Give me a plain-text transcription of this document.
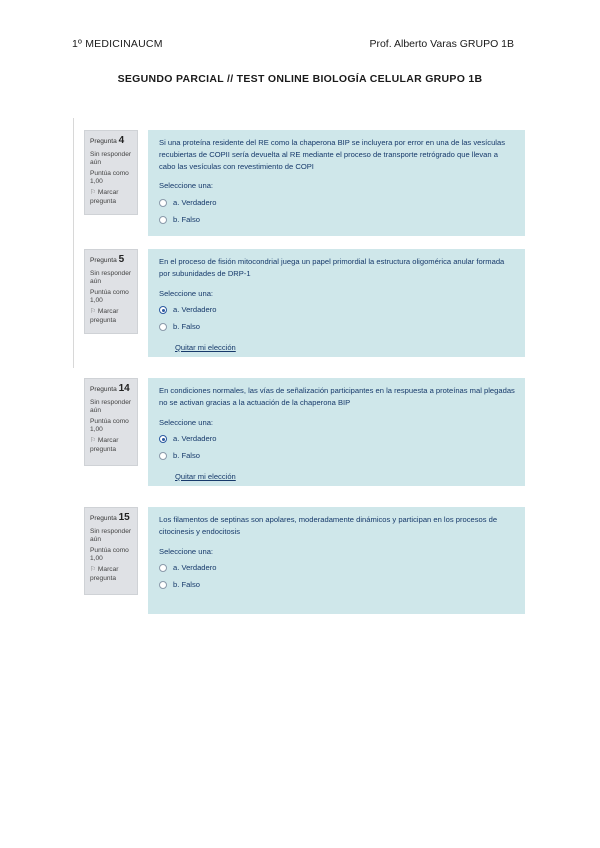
1º MEDICINAUCM	Prof. Alberto Varas GRUPO 1B
SEGUNDO PARCIAL // TEST ONLINE BIOLOGÍA CELULAR GRUPO 1B
Pregunta 4
Sin responder aún
Puntúa como 1,00
⚐ Marcar pregunta
Si una proteína residente del RE como la chaperona BIP se incluyera por error en una de las vesículas recubiertas de COPII sería devuelta al RE mediante el proceso de transporte retrógrado que llevan a cabo las vesículas con revestimiento de COPI
Seleccione una:
a. Verdadero
b. Falso
Pregunta 5
Sin responder aún
Puntúa como 1,00
⚐ Marcar pregunta
En el proceso de fisión mitocondrial juega un papel primordial la estructura oligomérica anular formada por subunidades de DRP-1
Seleccione una:
a. Verdadero
b. Falso
Quitar mi elección
Pregunta 14
Sin responder aún
Puntúa como 1,00
⚐ Marcar pregunta
En condiciones normales, las vías de señalización participantes en la respuesta a proteínas mal plegadas no se activan gracias a la actuación de la chaperona BIP
Seleccione una:
a. Verdadero
b. Falso
Quitar mi elección
Pregunta 15
Sin responder aún
Puntúa como 1,00
⚐ Marcar pregunta
Los filamentos de septinas son apolares, moderadamente dinámicos y participan en los procesos de citocinesis y endocitosis
Seleccione una:
a. Verdadero
b. Falso
